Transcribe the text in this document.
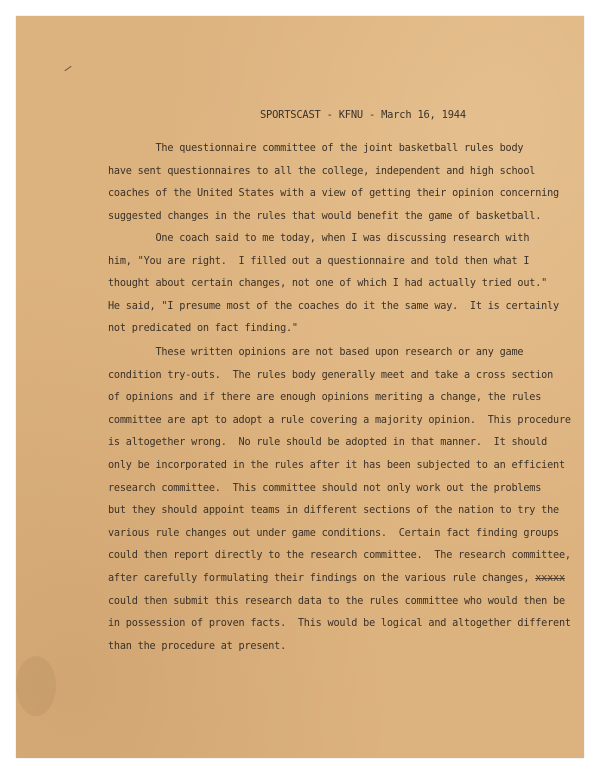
SPORTSCAST - KFNU - March 16, 1944
The questionnaire committee of the joint basketball rules body
have sent questionnaires to all the college, independent and high school
coaches of the United States with a view of getting their opinion concerning
suggested changes in the rules that would benefit the game of basketball.
One coach said to me today, when I was discussing research with
him, "You are right.  I filled out a questionnaire and told then what I
thought about certain changes, not one of which I had actually tried out."
He said, "I presume most of the coaches do it the same way.  It is certainly
not predicated on fact finding."
These written opinions are not based upon research or any game
condition try-outs.  The rules body generally meet and take a cross section
of opinions and if there are enough opinions meriting a change, the rules
committee are apt to adopt a rule covering a majority opinion.  This procedure
is altogether wrong.  No rule should be adopted in that manner.  It should
only be incorporated in the rules after it has been subjected to an efficient
research committee.  This committee should not only work out the problems
but they should appoint teams in different sections of the nation to try the
various rule changes out under game conditions.  Certain fact finding groups
could then report directly to the research committee.  The research committee,
after carefully formulating their findings on the various rule changes, xxxxx
could then submit this research data to the rules committee who would then be
in possession of proven facts.  This would be logical and altogether different
than the procedure at present.
